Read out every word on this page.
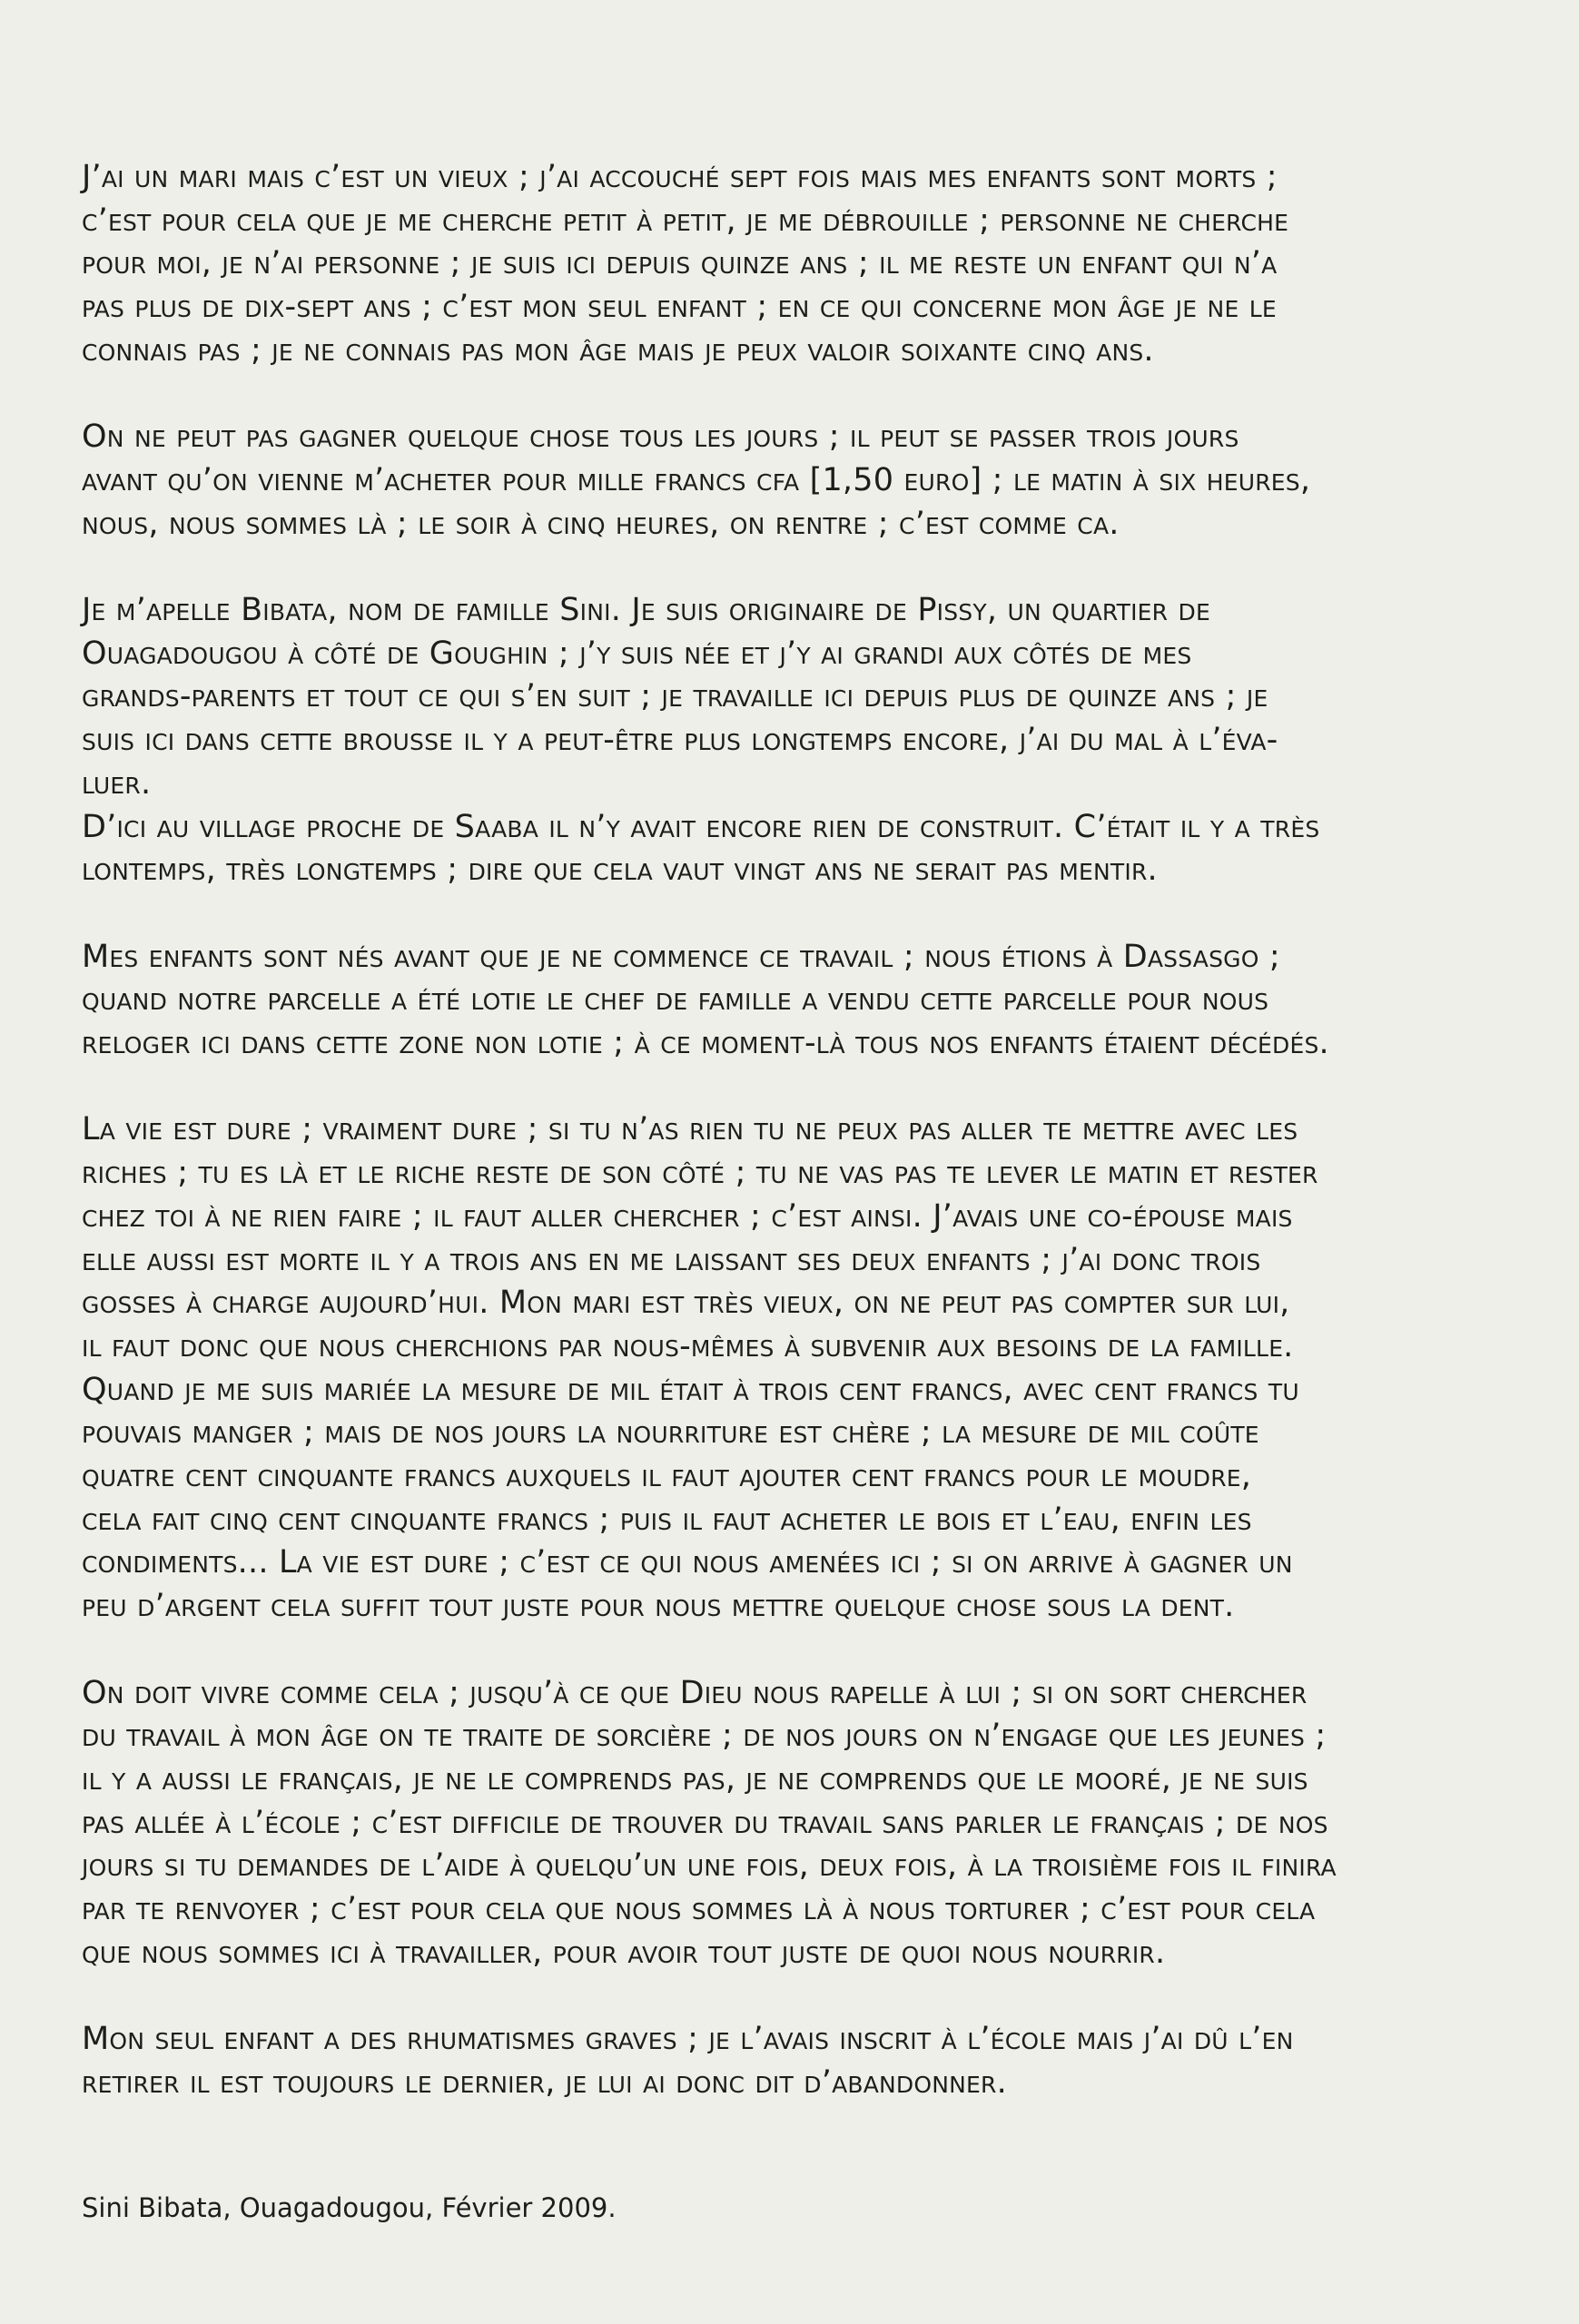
J’ai un mari mais c’est un vieux ; j’ai accouché sept fois mais mes enfants sont morts ;
c’est pour cela que je me cherche petit à petit, je me débrouille ; personne ne cherche
pour moi, je n’ai personne ; je suis ici depuis quinze ans ; il me reste un enfant qui n’a
pas plus de dix-sept ans ; c’est mon seul enfant ; en ce qui concerne mon âge je ne le
connais pas ; je ne connais pas mon âge mais je peux valoir soixante cinq ans.

On ne peut pas gagner quelque chose tous les jours ; il peut se passer trois jours
avant qu’on vienne m’acheter pour mille francs cfa [1,50 euro] ; le matin à six heures,
nous, nous sommes là ; le soir à cinq heures, on rentre ; c’est comme ca.

Je m’apelle Bibata, nom de famille Sini. Je suis originaire de Pissy, un quartier de
Ouagadougou à côté de Goughin ; j’y suis née et j’y ai grandi aux côtés de mes
grands-parents et tout ce qui s’en suit ; je travaille ici depuis plus de quinze ans ; je
suis ici dans cette brousse il y a peut-être plus longtemps encore, j’ai du mal à l’éva-
luer.
D’ici au village proche de Saaba il n’y avait encore rien de construit. C’était il y a très
lontemps, très longtemps ; dire que cela vaut vingt ans ne serait pas mentir.

Mes enfants sont nés avant que je ne commence ce travail ; nous étions à Dassasgo ;
quand notre parcelle a été lotie le chef de famille a vendu cette parcelle pour nous
reloger ici dans cette zone non lotie ; à ce moment-là tous nos enfants étaient décédés.

La vie est dure ; vraiment dure ; si tu n’as rien tu ne peux pas aller te mettre avec les
riches ; tu es là et le riche reste de son côté ; tu ne vas pas te lever le matin et rester
chez toi à ne rien faire ; il faut aller chercher ; c’est ainsi. J’avais une co-épouse mais
elle aussi est morte il y a trois ans en me laissant ses deux enfants ; j’ai donc trois
gosses à charge aujourd’hui. Mon mari est très vieux, on ne peut pas compter sur lui,
il faut donc que nous cherchions par nous-mêmes à subvenir aux besoins de la famille.
Quand je me suis mariée la mesure de mil était à trois cent francs, avec cent francs tu
pouvais manger ; mais de nos jours la nourriture est chère ; la mesure de mil coûte
quatre cent cinquante francs auxquels il faut ajouter cent francs pour le moudre,
cela fait cinq cent cinquante francs ; puis il faut acheter le bois et l’eau, enfin les
condiments... La vie est dure ; c’est ce qui nous amenées ici ; si on arrive à gagner un
peu d’argent cela suffit tout juste pour nous mettre quelque chose sous la dent.

On doit vivre comme cela ; jusqu’à ce que Dieu nous rapelle à lui ; si on sort chercher
du travail à mon âge on te traite de sorcière ; de nos jours on n’engage que les jeunes ;
il y a aussi le français, je ne le comprends pas, je ne comprends que le mooré, je ne suis
pas allée à l’école ; c’est difficile de trouver du travail sans parler le français ; de nos
jours si tu demandes de l’aide à quelqu’un une fois, deux fois, à la troisième fois il finira
par te renvoyer ; c’est pour cela que nous sommes là à nous torturer ; c’est pour cela
que nous sommes ici à travailler, pour avoir tout juste de quoi nous nourrir.

Mon seul enfant a des rhumatismes graves ; je l’avais inscrit à l’école mais j’ai dû l’en
retirer il est toujours le dernier, je lui ai donc dit d’abandonner.

Sini Bibata, Ouagadougou, Février 2009.
